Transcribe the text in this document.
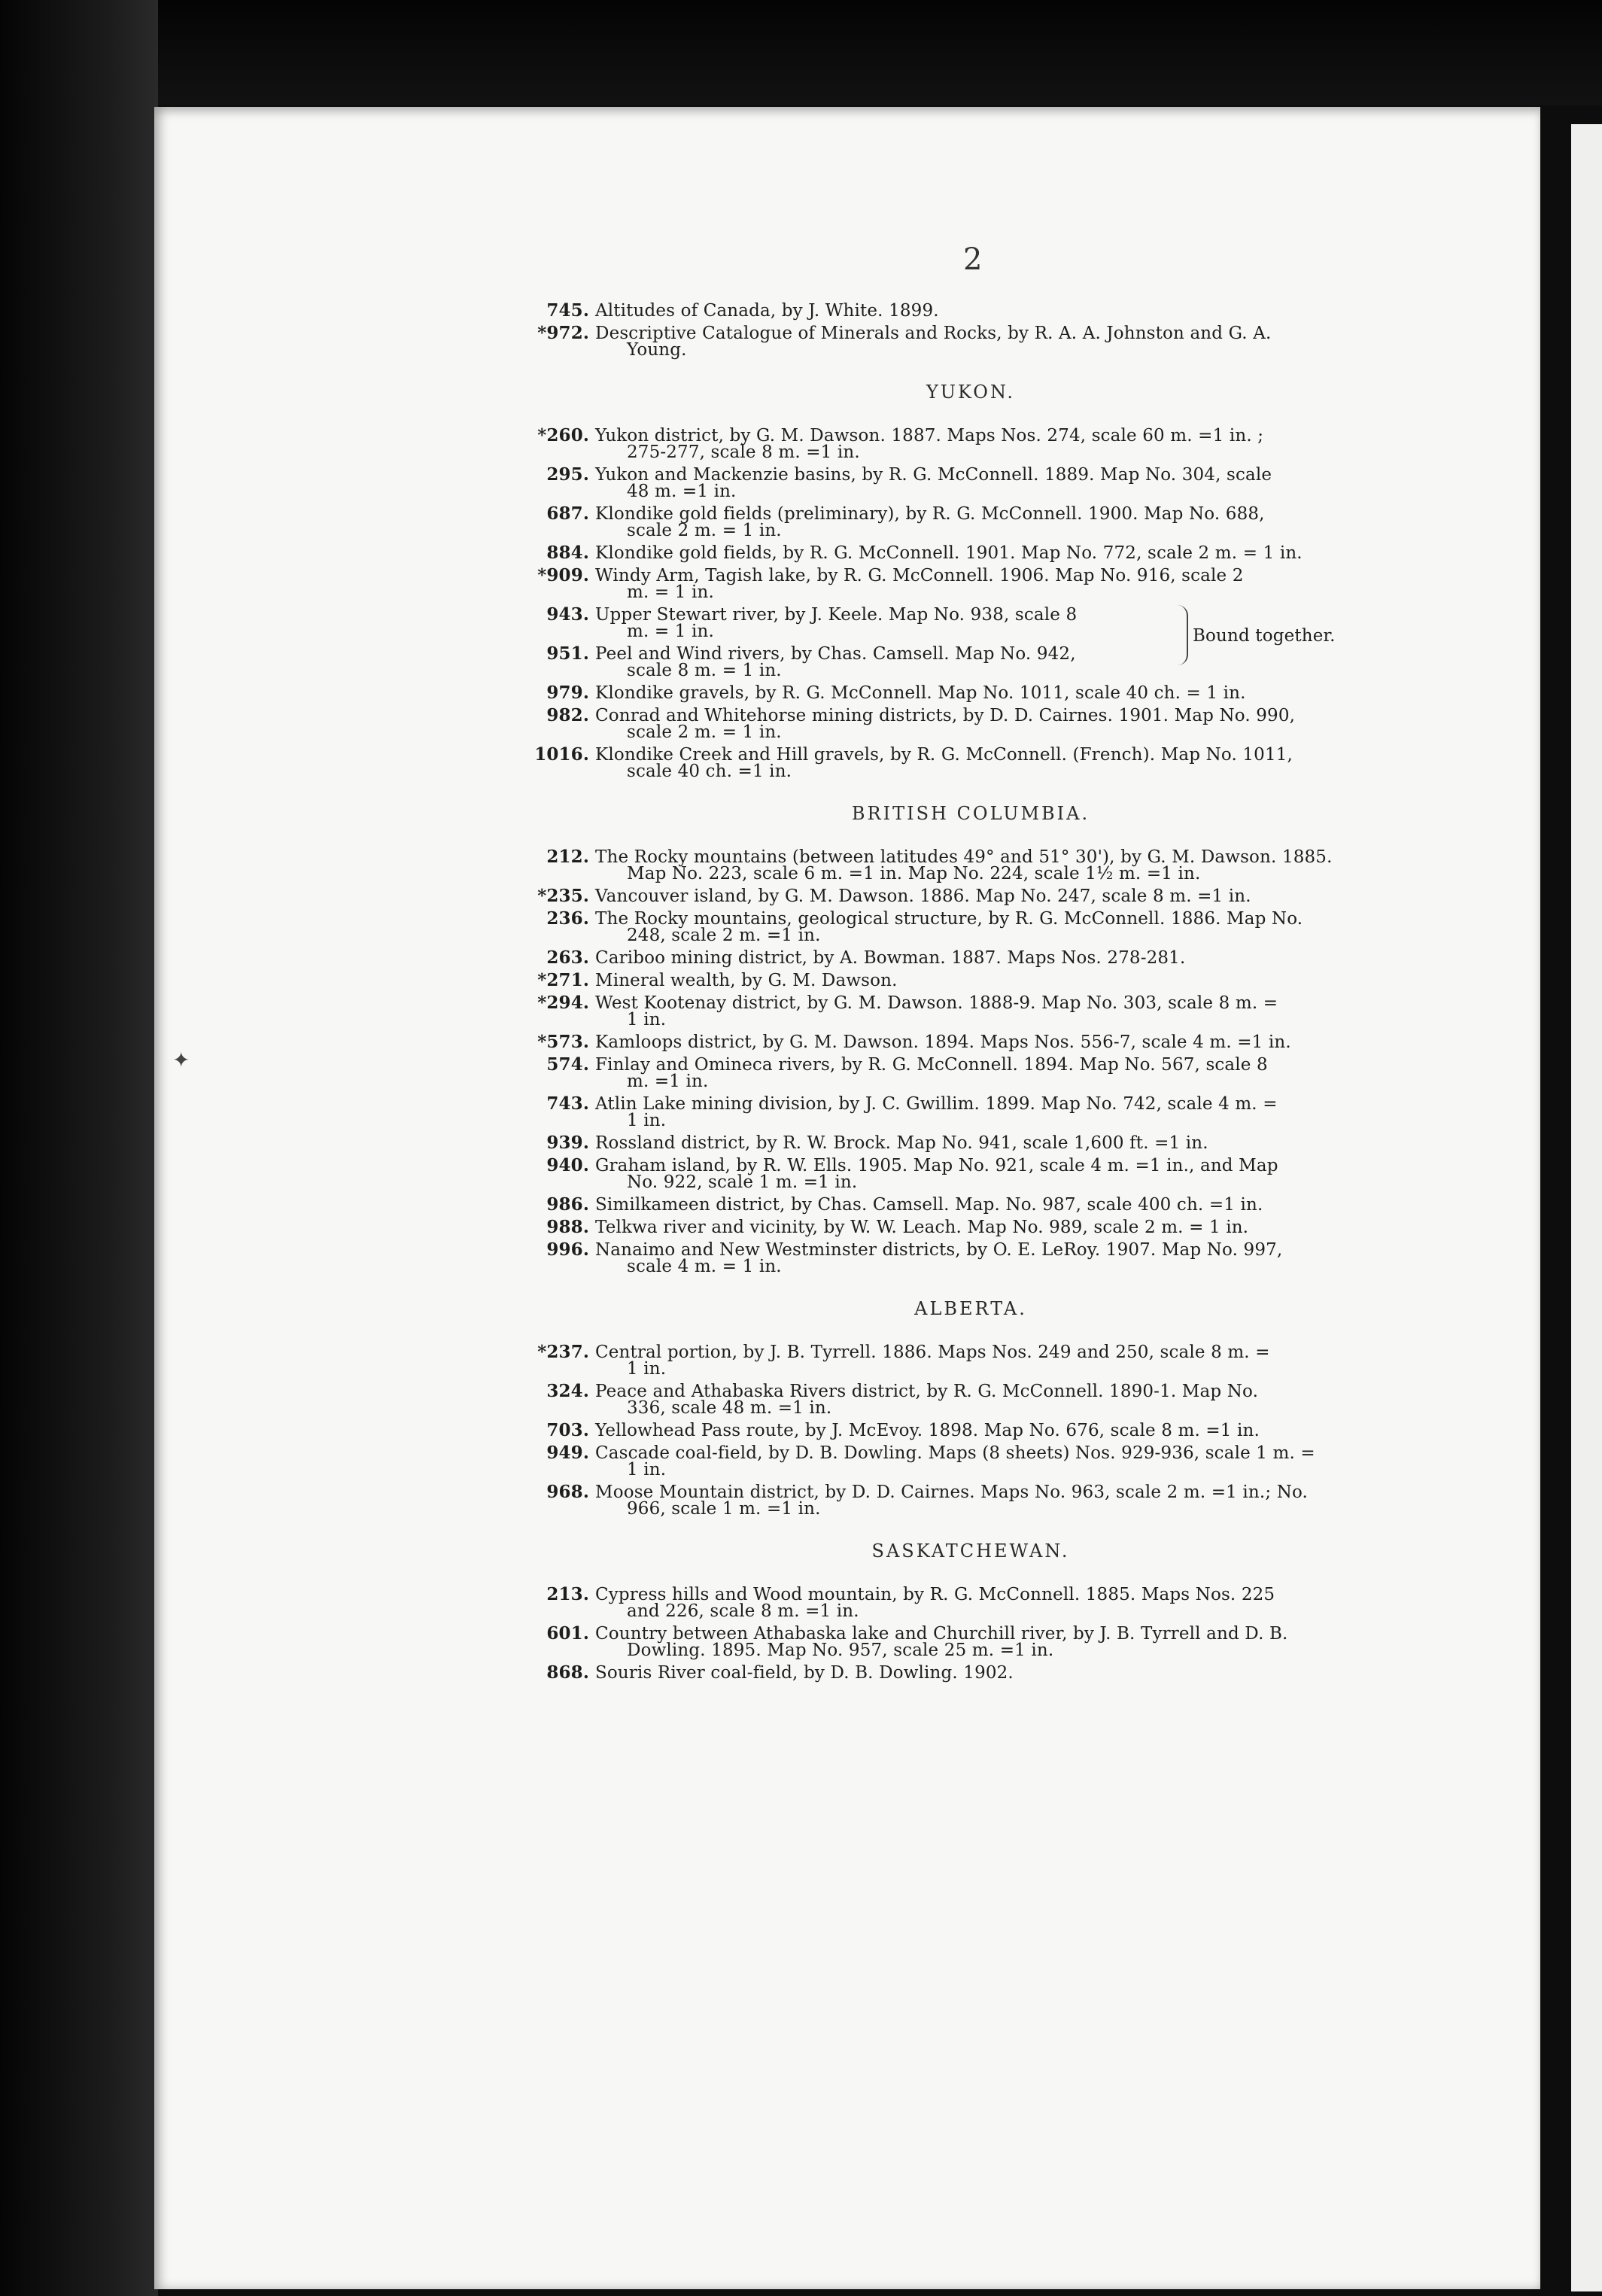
✦
2
745. Altitudes of Canada, by J. White. 1899.
*972. Descriptive Catalogue of Minerals and Rocks, by R. A. A. Johnston and G. A.
Young.
YUKON.
*260. Yukon district, by G. M. Dawson. 1887. Maps Nos. 274, scale 60 m. =1 in. ;
275-277, scale 8 m. =1 in.
295. Yukon and Mackenzie basins, by R. G. McConnell. 1889. Map No. 304, scale
48 m. =1 in.
687. Klondike gold fields (preliminary), by R. G. McConnell. 1900. Map No. 688,
scale 2 m. = 1 in.
884. Klondike gold fields, by R. G. McConnell. 1901. Map No. 772, scale 2 m. = 1 in.
*909. Windy Arm, Tagish lake, by R. G. McConnell. 1906. Map No. 916, scale 2
m. = 1 in.
Bound together.
943. Upper Stewart river, by J. Keele. Map No. 938, scale 8
m. = 1 in.
951. Peel and Wind rivers, by Chas. Camsell. Map No. 942,
scale 8 m. = 1 in.
979. Klondike gravels, by R. G. McConnell. Map No. 1011, scale 40 ch. = 1 in.
982. Conrad and Whitehorse mining districts, by D. D. Cairnes. 1901. Map No. 990,
scale 2 m. = 1 in.
1016. Klondike Creek and Hill gravels, by R. G. McConnell. (French). Map No. 1011,
scale 40 ch. =1 in.
BRITISH COLUMBIA.
212. The Rocky mountains (between latitudes 49° and 51° 30'), by G. M. Dawson. 1885.
Map No. 223, scale 6 m. =1 in. Map No. 224, scale 1½ m. =1 in.
*235. Vancouver island, by G. M. Dawson. 1886. Map No. 247, scale 8 m. =1 in.
236. The Rocky mountains, geological structure, by R. G. McConnell. 1886. Map No.
248, scale 2 m. =1 in.
263. Cariboo mining district, by A. Bowman. 1887. Maps Nos. 278-281.
*271. Mineral wealth, by G. M. Dawson.
*294. West Kootenay district, by G. M. Dawson. 1888-9. Map No. 303, scale 8 m. =
1 in.
*573. Kamloops district, by G. M. Dawson. 1894. Maps Nos. 556-7, scale 4 m. =1 in.
574. Finlay and Omineca rivers, by R. G. McConnell. 1894. Map No. 567, scale 8
m. =1 in.
743. Atlin Lake mining division, by J. C. Gwillim. 1899. Map No. 742, scale 4 m. =
1 in.
939. Rossland district, by R. W. Brock. Map No. 941, scale 1,600 ft. =1 in.
940. Graham island, by R. W. Ells. 1905. Map No. 921, scale 4 m. =1 in., and Map
No. 922, scale 1 m. =1 in.
986. Similkameen district, by Chas. Camsell. Map. No. 987, scale 400 ch. =1 in.
988. Telkwa river and vicinity, by W. W. Leach. Map No. 989, scale 2 m. = 1 in.
996. Nanaimo and New Westminster districts, by O. E. LeRoy. 1907. Map No. 997,
scale 4 m. = 1 in.
ALBERTA.
*237. Central portion, by J. B. Tyrrell. 1886. Maps Nos. 249 and 250, scale 8 m. =
1 in.
324. Peace and Athabaska Rivers district, by R. G. McConnell. 1890-1. Map No.
336, scale 48 m. =1 in.
703. Yellowhead Pass route, by J. McEvoy. 1898. Map No. 676, scale 8 m. =1 in.
949. Cascade coal-field, by D. B. Dowling. Maps (8 sheets) Nos. 929-936, scale 1 m. =
1 in.
968. Moose Mountain district, by D. D. Cairnes. Maps No. 963, scale 2 m. =1 in.; No.
966, scale 1 m. =1 in.
SASKATCHEWAN.
213. Cypress hills and Wood mountain, by R. G. McConnell. 1885. Maps Nos. 225
and 226, scale 8 m. =1 in.
601. Country between Athabaska lake and Churchill river, by J. B. Tyrrell and D. B.
Dowling. 1895. Map No. 957, scale 25 m. =1 in.
868. Souris River coal-field, by D. B. Dowling. 1902.
